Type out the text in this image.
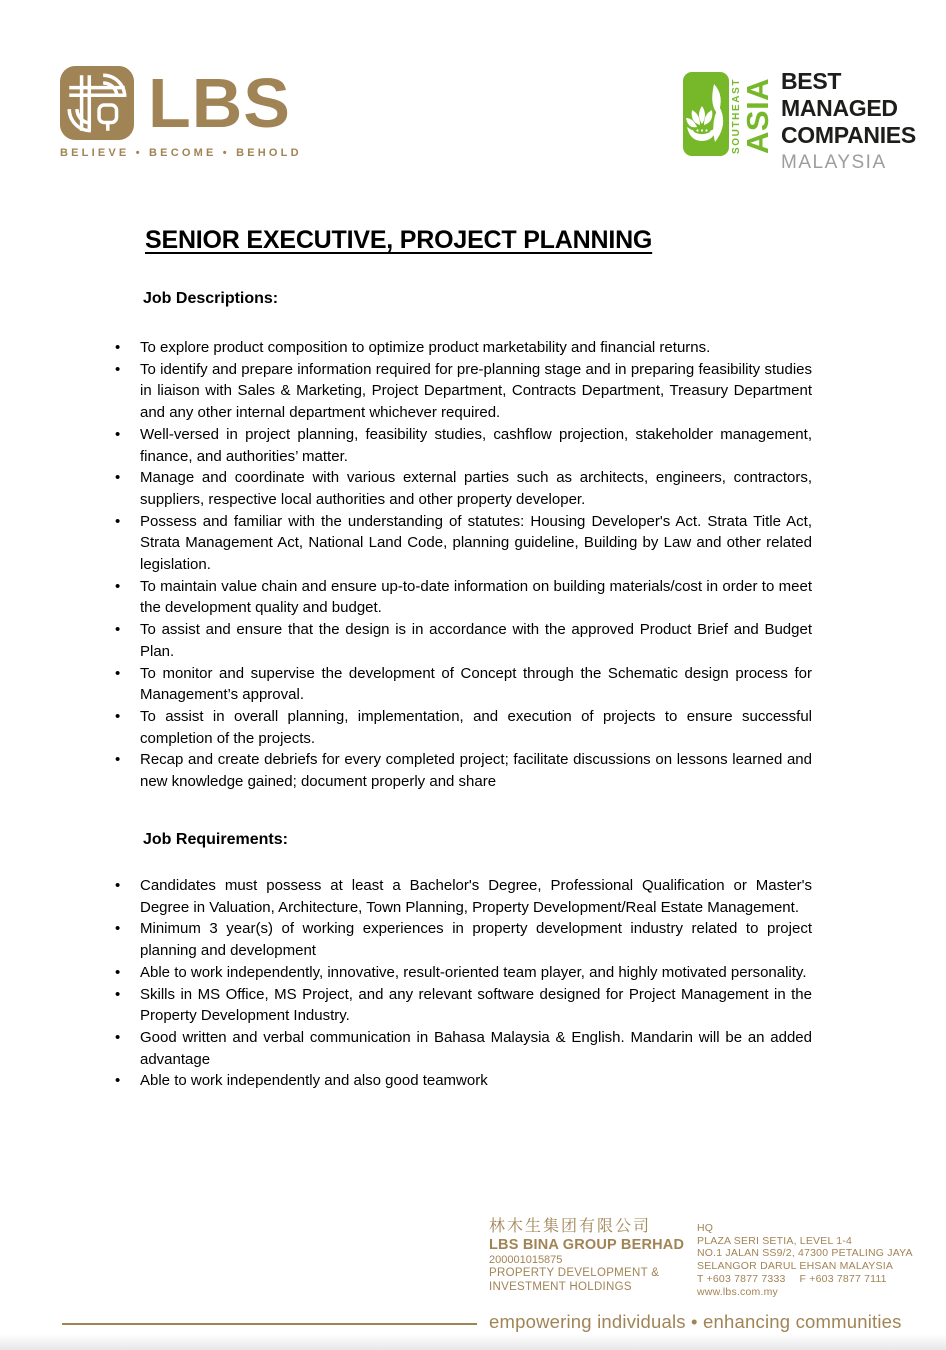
LBS
BELIEVE • BECOME • BEHOLD	SOUTHEAST
ASIA BEST
MANAGED
COMPANIES
MALAYSIA
SENIOR EXECUTIVE, PROJECT PLANNING
Job Descriptions:
• To explore product composition to optimize product marketability and financial returns.
• To identify and prepare information required for pre-planning stage and in preparing feasibility studies in liaison with Sales & Marketing, Project Department, Contracts Department, Treasury Department and any other internal department whichever required.
• Well-versed in project planning, feasibility studies, cashflow projection, stakeholder management, finance, and authorities’ matter.
• Manage and coordinate with various external parties such as architects, engineers, contractors, suppliers, respective local authorities and other property developer.
• Possess and familiar with the understanding of statutes: Housing Developer's Act. Strata Title Act, Strata Management Act, National Land Code, planning guideline, Building by Law and other related legislation.
• To maintain value chain and ensure up-to-date information on building materials/cost in order to meet the development quality and budget.
• To assist and ensure that the design is in accordance with the approved Product Brief and Budget Plan.
• To monitor and supervise the development of Concept through the Schematic design process for Management’s approval.
• To assist in overall planning, implementation, and execution of projects to ensure successful completion of the projects.
• Recap and create debriefs for every completed project; facilitate discussions on lessons learned and new knowledge gained; document properly and share
Job Requirements:
• Candidates must possess at least a Bachelor's Degree, Professional Qualification or Master's Degree in Valuation, Architecture, Town Planning, Property Development/Real Estate Management.
• Minimum 3 year(s) of working experiences in property development industry related to project planning and development
• Able to work independently, innovative, result-oriented team player, and highly motivated personality.
• Skills in MS Office, MS Project, and any relevant software designed for Project Management in the Property Development Industry.
• Good written and verbal communication in Bahasa Malaysia & English. Mandarin will be an added advantage
• Able to work independently and also good teamwork
林木生集团有限公司
LBS BINA GROUP BERHAD
200001015875
PROPERTY DEVELOPMENT &
INVESTMENT HOLDINGS
HQ
PLAZA SERI SETIA, LEVEL 1-4
NO.1 JALAN SS9/2, 47300 PETALING JAYA
SELANGOR DARUL EHSAN MALAYSIA
T +603 7877 7333 F +603 7877 7111
www.lbs.com.my
empowering individuals • enhancing communities
